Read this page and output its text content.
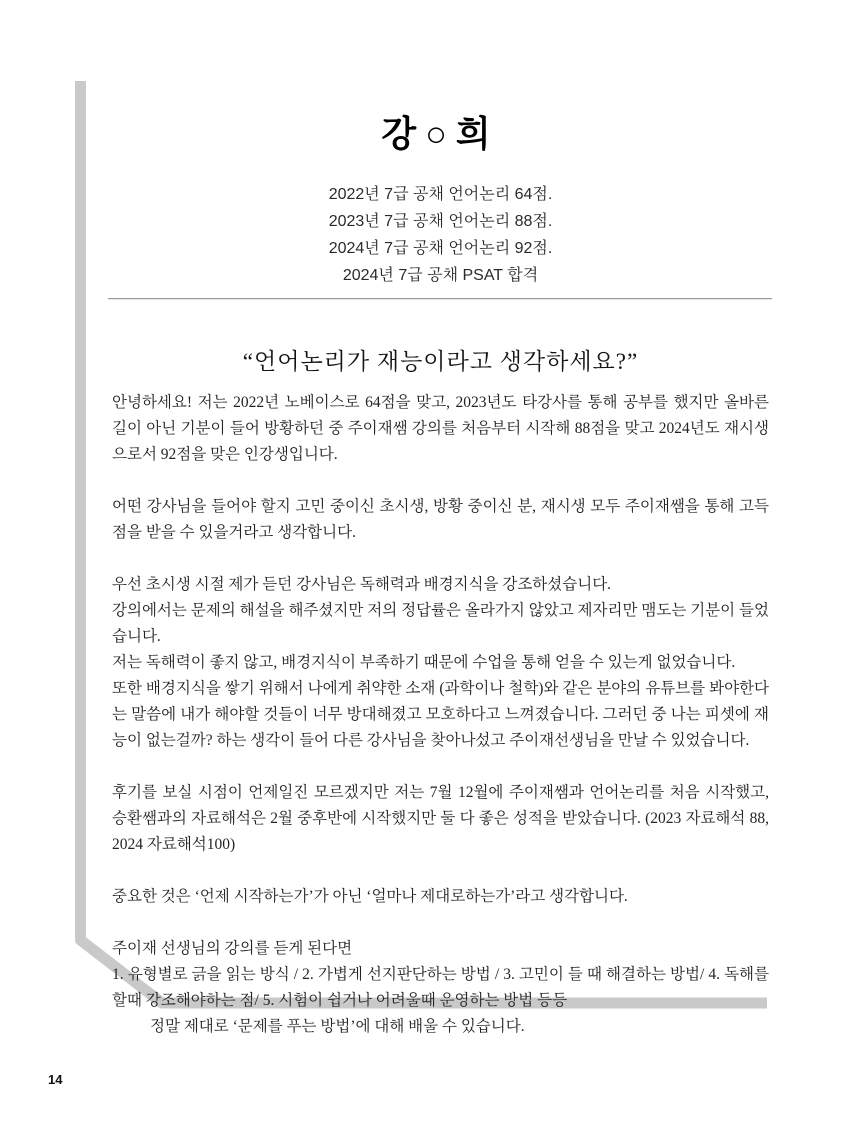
강○희
2022년 7급 공채 언어논리 64점.
2023년 7급 공채 언어논리 88점.
2024년 7급 공채 언어논리 92점.
2024년 7급 공채 PSAT 합격
“언어논리가 재능이라고 생각하세요?”
안녕하세요! 저는 2022년 노베이스로 64점을 맞고, 2023년도 타강사를 통해 공부를 했지만 올바른 길이 아닌 기분이 들어 방황하던 중 주이재쌤 강의를 처음부터 시작해 88점을 맞고 2024년도 재시생으로서 92점을 맞은 인강생입니다.
어떤 강사님을 들어야 할지 고민 중이신 초시생, 방황 중이신 분, 재시생 모두 주이재쌤을 통해 고득점을 받을 수 있을거라고 생각합니다.
우선 초시생 시절 제가 듣던 강사님은 독해력과 배경지식을 강조하셨습니다.
강의에서는 문제의 해설을 해주셨지만 저의 정답률은 올라가지 않았고 제자리만 맴도는 기분이 들었습니다.
저는 독해력이 좋지 않고, 배경지식이 부족하기 때문에 수업을 통해 얻을 수 있는게 없었습니다.
또한 배경지식을 쌓기 위해서 나에게 취약한 소재 (과학이나 철학)와 같은 분야의 유튜브를 봐야한다는 말씀에 내가 해야할 것들이 너무 방대해졌고 모호하다고 느껴졌습니다. 그러던 중 나는 피셋에 재능이 없는걸까? 하는 생각이 들어 다른 강사님을 찾아나섰고 주이재선생님을 만날 수 있었습니다.
후기를 보실 시점이 언제일진 모르겠지만 저는 7월 12월에 주이재쌤과 언어논리를 처음 시작했고, 승환쌤과의 자료해석은 2월 중후반에 시작했지만 둘 다 좋은 성적을 받았습니다. (2023 자료해석 88, 2024 자료해석100)
중요한 것은 ‘언제 시작하는가’가 아닌 ‘얼마나 제대로하는가’라고 생각합니다.
주이재 선생님의 강의를 듣게 된다면
1. 유형별로 긁을 읽는 방식 / 2. 가볍게 선지판단하는 방법 / 3. 고민이 들 때 해결하는 방법/ 4. 독해를 할때 강조해야하는 점/ 5. 시험이 쉽거나 어려울때 운영하는 방법 등등
정말 제대로 ‘문제를 푸는 방법’에 대해 배울 수 있습니다.
14
